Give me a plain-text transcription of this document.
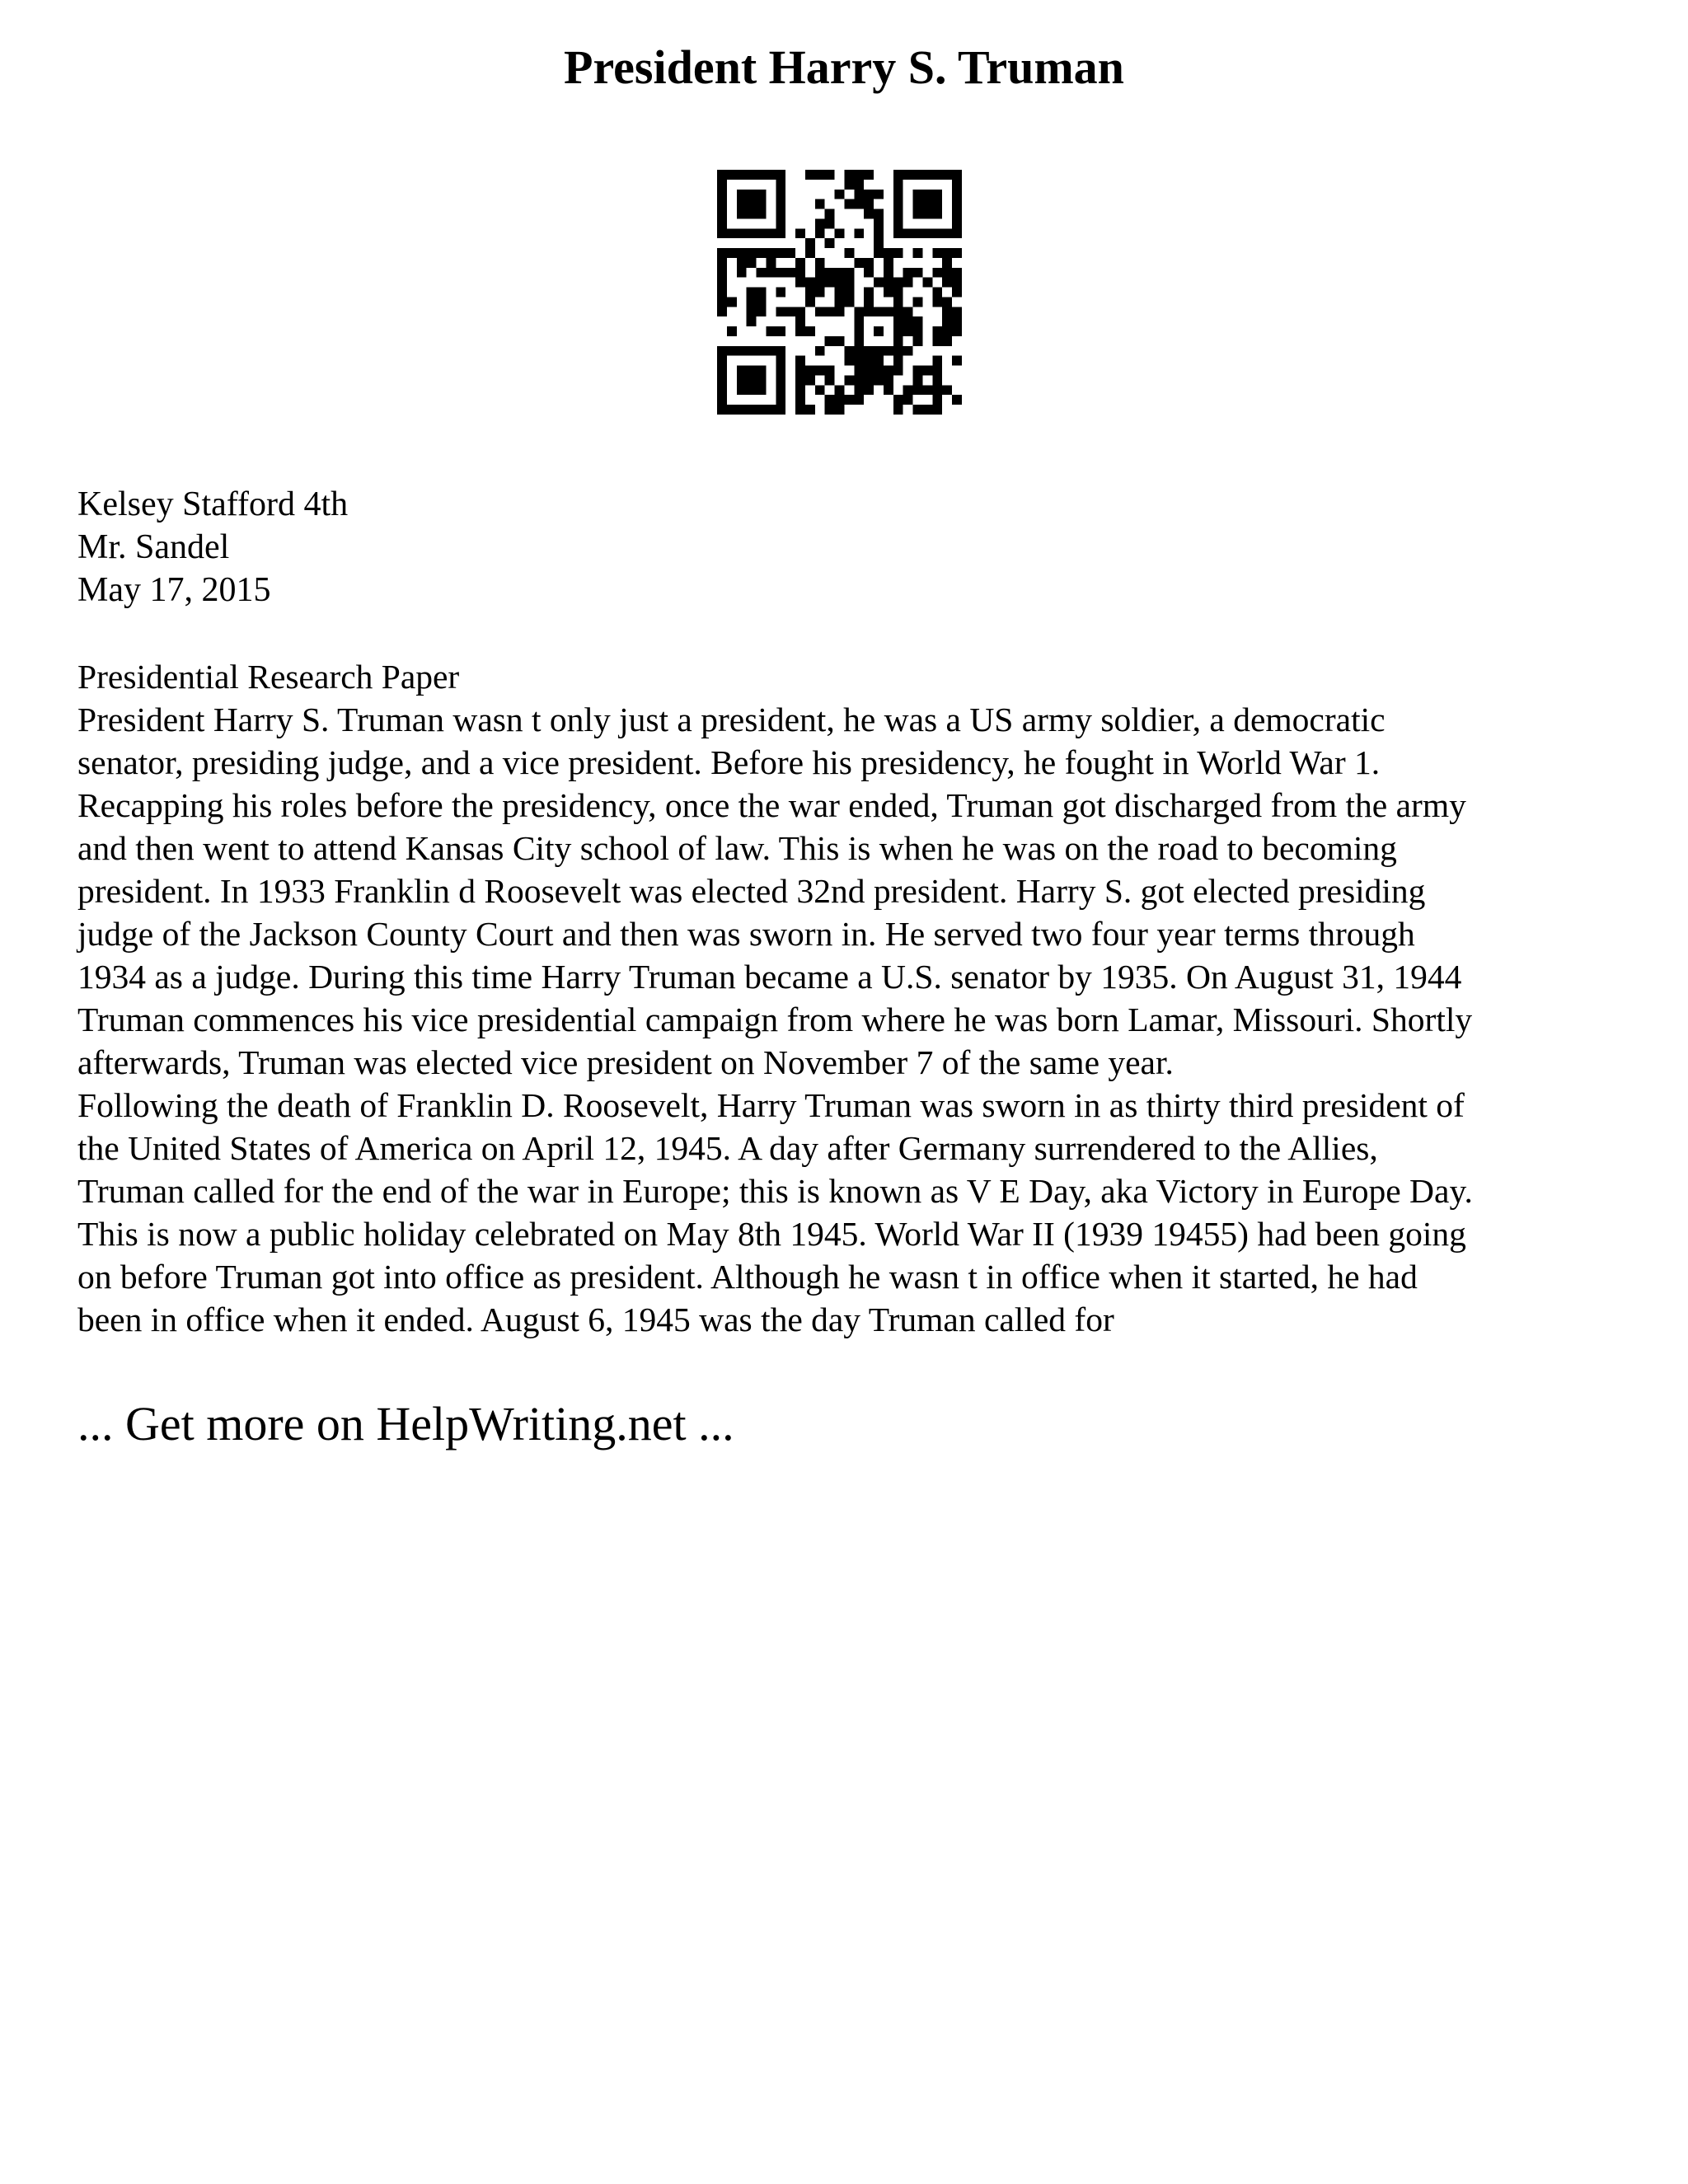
President Harry S. Truman
Kelsey Stafford 4th
Mr. Sandel
May 17, 2015
Presidential Research Paper
President Harry S. Truman wasn t only just a president, he was a US army soldier, a democratic
senator, presiding judge, and a vice president. Before his presidency, he fought in World War 1.
Recapping his roles before the presidency, once the war ended, Truman got discharged from the army
and then went to attend Kansas City school of law. This is when he was on the road to becoming
president. In 1933 Franklin d Roosevelt was elected 32nd president. Harry S. got elected presiding
judge of the Jackson County Court and then was sworn in. He served two four year terms through
1934 as a judge. During this time Harry Truman became a U.S. senator by 1935. On August 31, 1944
Truman commences his vice presidential campaign from where he was born Lamar, Missouri. Shortly
afterwards, Truman was elected vice president on November 7 of the same year.
Following the death of Franklin D. Roosevelt, Harry Truman was sworn in as thirty third president of
the United States of America on April 12, 1945. A day after Germany surrendered to the Allies,
Truman called for the end of the war in Europe; this is known as V E Day, aka Victory in Europe Day.
This is now a public holiday celebrated on May 8th 1945. World War II (1939 19455) had been going
on before Truman got into office as president. Although he wasn t in office when it started, he had
been in office when it ended. August 6, 1945 was the day Truman called for
... Get more on HelpWriting.net ...
